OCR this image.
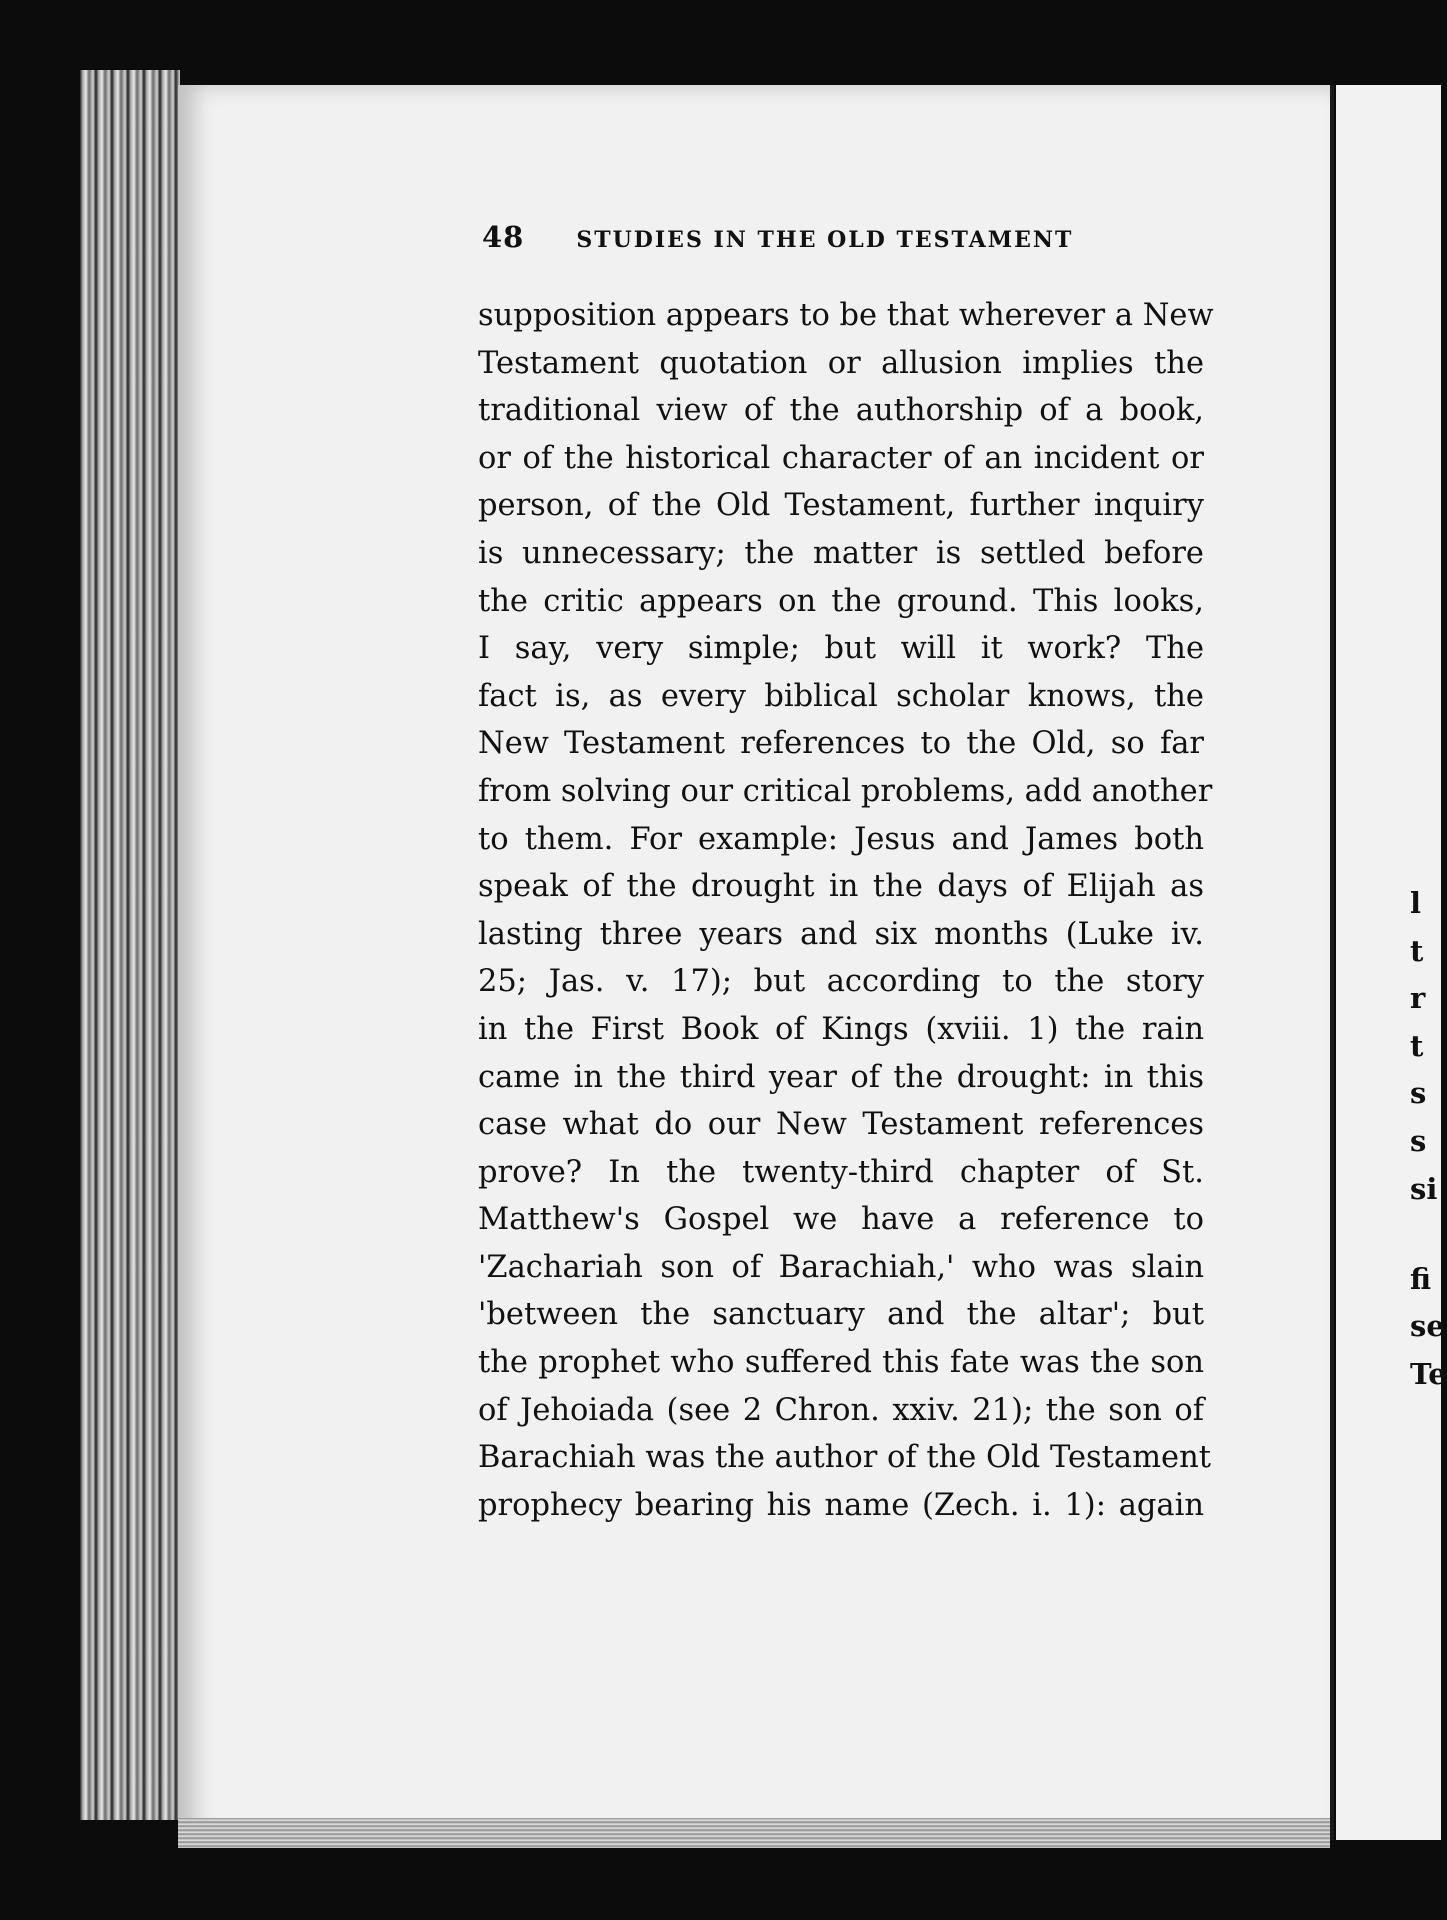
48 STUDIES IN THE OLD TESTAMENT
supposition appears to be that wherever a New
Testament quotation or allusion implies the
traditional view of the authorship of a book,
or of the historical character of an incident or
person, of the Old Testament, further inquiry
is unnecessary; the matter is settled before
the critic appears on the ground. This looks,
I say, very simple; but will it work? The
fact is, as every biblical scholar knows, the
New Testament references to the Old, so far
from solving our critical problems, add another
to them. For example: Jesus and James both
speak of the drought in the days of Elijah as
lasting three years and six months (Luke iv.
25; Jas. v. 17); but according to the story
in the First Book of Kings (xviii. 1) the rain
came in the third year of the drought: in this
case what do our New Testament references
prove? In the twenty-third chapter of St.
Matthew's Gospel we have a reference to
'Zachariah son of Barachiah,' who was slain
'between the sanctuary and the altar'; but
the prophet who suffered this fate was the son
of Jehoiada (see 2 Chron. xxiv. 21); the son of
Barachiah was the author of the Old Testament
prophecy bearing his name (Zech. i. 1): again
l
t
r
t
s
s
si
fi
se
Te
